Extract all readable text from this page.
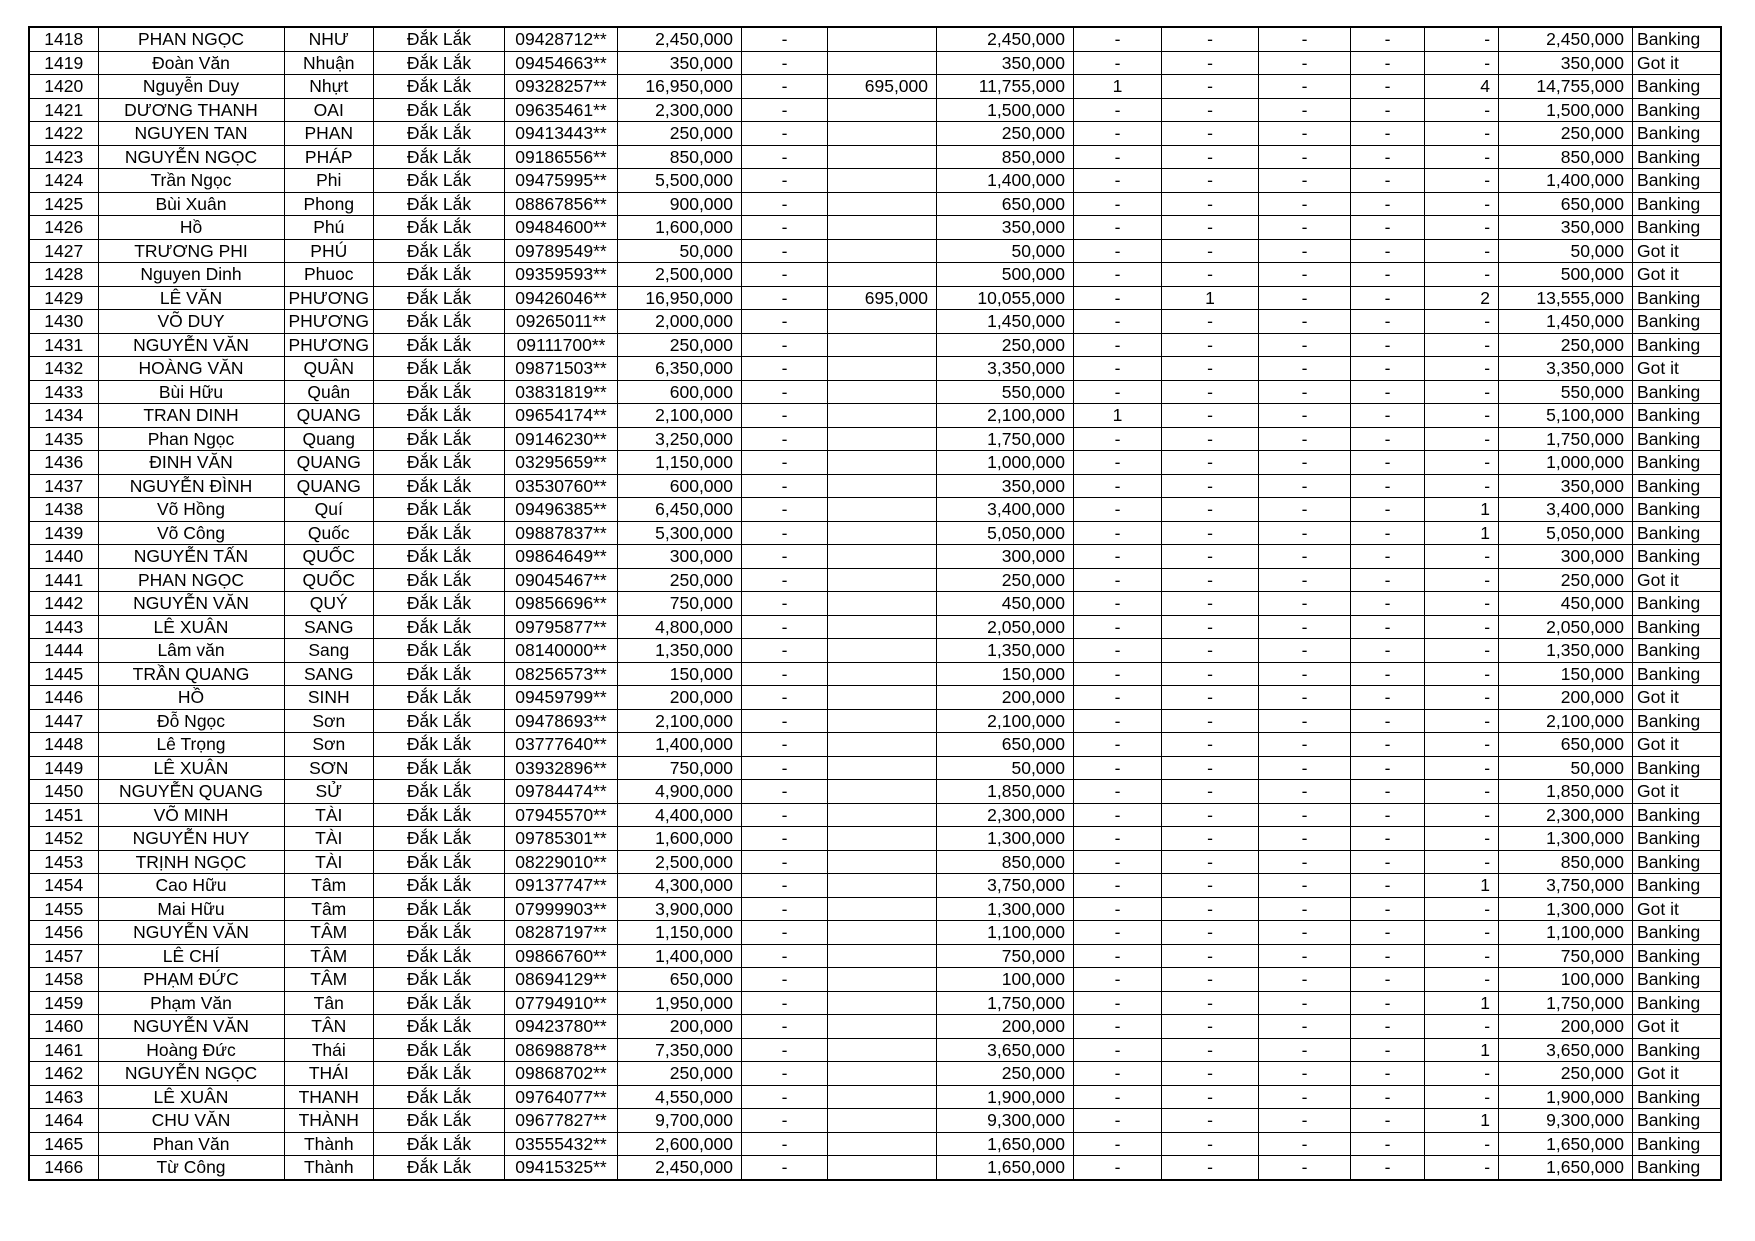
1418	PHAN NGỌC	NHƯ	Đắk Lắk	09428712**	2,450,000	-		2,450,000	-	-	-	-	-	2,450,000	Banking
1419	Đoàn Văn	Nhuận	Đắk Lắk	09454663**	350,000	-		350,000	-	-	-	-	-	350,000	Got it
1420	Nguyễn Duy	Nhựt	Đắk Lắk	09328257**	16,950,000	-	695,000	11,755,000	1	-	-	-	4	14,755,000	Banking
1421	DƯƠNG THANH	OAI	Đắk Lắk	09635461**	2,300,000	-		1,500,000	-	-	-	-	-	1,500,000	Banking
1422	NGUYEN TAN	PHAN	Đắk Lắk	09413443**	250,000	-		250,000	-	-	-	-	-	250,000	Banking
1423	NGUYỄN NGỌC	PHÁP	Đắk Lắk	09186556**	850,000	-		850,000	-	-	-	-	-	850,000	Banking
1424	Trần Ngọc	Phi	Đắk Lắk	09475995**	5,500,000	-		1,400,000	-	-	-	-	-	1,400,000	Banking
1425	Bùi Xuân	Phong	Đắk Lắk	08867856**	900,000	-		650,000	-	-	-	-	-	650,000	Banking
1426	Hồ	Phú	Đắk Lắk	09484600**	1,600,000	-		350,000	-	-	-	-	-	350,000	Banking
1427	TRƯƠNG PHI	PHÚ	Đắk Lắk	09789549**	50,000	-		50,000	-	-	-	-	-	50,000	Got it
1428	Nguyen Dinh	Phuoc	Đắk Lắk	09359593**	2,500,000	-		500,000	-	-	-	-	-	500,000	Got it
1429	LÊ VĂN	PHƯƠNG	Đắk Lắk	09426046**	16,950,000	-	695,000	10,055,000	-	1	-	-	2	13,555,000	Banking
1430	VÕ DUY	PHƯƠNG	Đắk Lắk	09265011**	2,000,000	-		1,450,000	-	-	-	-	-	1,450,000	Banking
1431	NGUYỄN VĂN	PHƯƠNG	Đắk Lắk	09111700**	250,000	-		250,000	-	-	-	-	-	250,000	Banking
1432	HOÀNG VĂN	QUÂN	Đắk Lắk	09871503**	6,350,000	-		3,350,000	-	-	-	-	-	3,350,000	Got it
1433	Bùi Hữu	Quân	Đắk Lắk	03831819**	600,000	-		550,000	-	-	-	-	-	550,000	Banking
1434	TRAN DINH	QUANG	Đắk Lắk	09654174**	2,100,000	-		2,100,000	1	-	-	-	-	5,100,000	Banking
1435	Phan Ngọc	Quang	Đắk Lắk	09146230**	3,250,000	-		1,750,000	-	-	-	-	-	1,750,000	Banking
1436	ĐINH VĂN	QUANG	Đắk Lắk	03295659**	1,150,000	-		1,000,000	-	-	-	-	-	1,000,000	Banking
1437	NGUYỄN ĐÌNH	QUANG	Đắk Lắk	03530760**	600,000	-		350,000	-	-	-	-	-	350,000	Banking
1438	Võ Hồng	Quí	Đắk Lắk	09496385**	6,450,000	-		3,400,000	-	-	-	-	1	3,400,000	Banking
1439	Võ Công	Quốc	Đắk Lắk	09887837**	5,300,000	-		5,050,000	-	-	-	-	1	5,050,000	Banking
1440	NGUYỄN TẤN	QUỐC	Đắk Lắk	09864649**	300,000	-		300,000	-	-	-	-	-	300,000	Banking
1441	PHAN NGỌC	QUỐC	Đắk Lắk	09045467**	250,000	-		250,000	-	-	-	-	-	250,000	Got it
1442	NGUYỄN VĂN	QUÝ	Đắk Lắk	09856696**	750,000	-		450,000	-	-	-	-	-	450,000	Banking
1443	LÊ XUÂN	SANG	Đắk Lắk	09795877**	4,800,000	-		2,050,000	-	-	-	-	-	2,050,000	Banking
1444	Lâm văn	Sang	Đắk Lắk	08140000**	1,350,000	-		1,350,000	-	-	-	-	-	1,350,000	Banking
1445	TRẦN QUANG	SANG	Đắk Lắk	08256573**	150,000	-		150,000	-	-	-	-	-	150,000	Banking
1446	HỒ	SINH	Đắk Lắk	09459799**	200,000	-		200,000	-	-	-	-	-	200,000	Got it
1447	Đỗ Ngọc	Sơn	Đắk Lắk	09478693**	2,100,000	-		2,100,000	-	-	-	-	-	2,100,000	Banking
1448	Lê Trọng	Sơn	Đắk Lắk	03777640**	1,400,000	-		650,000	-	-	-	-	-	650,000	Got it
1449	LÊ XUÂN	SƠN	Đắk Lắk	03932896**	750,000	-		50,000	-	-	-	-	-	50,000	Banking
1450	NGUYỄN QUANG	SỬ	Đắk Lắk	09784474**	4,900,000	-		1,850,000	-	-	-	-	-	1,850,000	Got it
1451	VÕ MINH	TÀI	Đắk Lắk	07945570**	4,400,000	-		2,300,000	-	-	-	-	-	2,300,000	Banking
1452	NGUYỄN HUY	TÀI	Đắk Lắk	09785301**	1,600,000	-		1,300,000	-	-	-	-	-	1,300,000	Banking
1453	TRỊNH NGỌC	TÀI	Đắk Lắk	08229010**	2,500,000	-		850,000	-	-	-	-	-	850,000	Banking
1454	Cao Hữu	Tâm	Đắk Lắk	09137747**	4,300,000	-		3,750,000	-	-	-	-	1	3,750,000	Banking
1455	Mai Hữu	Tâm	Đắk Lắk	07999903**	3,900,000	-		1,300,000	-	-	-	-	-	1,300,000	Got it
1456	NGUYỄN VĂN	TÂM	Đắk Lắk	08287197**	1,150,000	-		1,100,000	-	-	-	-	-	1,100,000	Banking
1457	LÊ CHÍ	TÂM	Đắk Lắk	09866760**	1,400,000	-		750,000	-	-	-	-	-	750,000	Banking
1458	PHẠM ĐỨC	TÂM	Đắk Lắk	08694129**	650,000	-		100,000	-	-	-	-	-	100,000	Banking
1459	Phạm Văn	Tân	Đắk Lắk	07794910**	1,950,000	-		1,750,000	-	-	-	-	1	1,750,000	Banking
1460	NGUYỄN VĂN	TÂN	Đắk Lắk	09423780**	200,000	-		200,000	-	-	-	-	-	200,000	Got it
1461	Hoàng Đức	Thái	Đắk Lắk	08698878**	7,350,000	-		3,650,000	-	-	-	-	1	3,650,000	Banking
1462	NGUYỄN NGỌC	THÁI	Đắk Lắk	09868702**	250,000	-		250,000	-	-	-	-	-	250,000	Got it
1463	LÊ XUÂN	THANH	Đắk Lắk	09764077**	4,550,000	-		1,900,000	-	-	-	-	-	1,900,000	Banking
1464	CHU VĂN	THÀNH	Đắk Lắk	09677827**	9,700,000	-		9,300,000	-	-	-	-	1	9,300,000	Banking
1465	Phan Văn	Thành	Đắk Lắk	03555432**	2,600,000	-		1,650,000	-	-	-	-	-	1,650,000	Banking
1466	Từ Công	Thành	Đắk Lắk	09415325**	2,450,000	-		1,650,000	-	-	-	-	-	1,650,000	Banking
